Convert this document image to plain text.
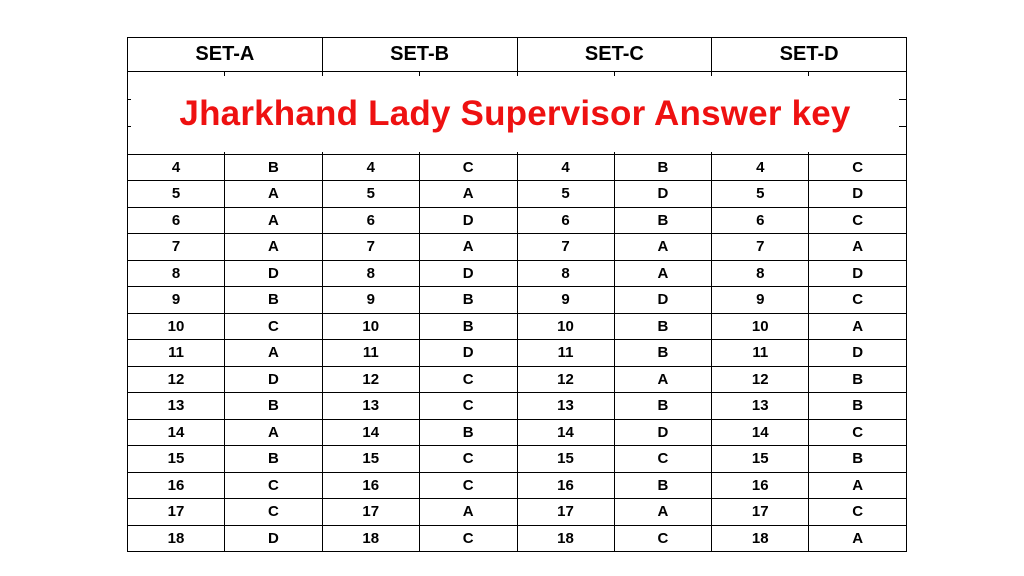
SET-A		SET-B		SET-C		SET-D	

4	B	4	C	4	B	4	C
5	A	5	A	5	D	5	D
6	A	6	D	6	B	6	C
7	A	7	A	7	A	7	A
8	D	8	D	8	A	8	D
9	B	9	B	9	D	9	C
10	C	10	B	10	B	10	A
11	A	11	D	11	B	11	D
12	D	12	C	12	A	12	B
13	B	13	C	13	B	13	B
14	A	14	B	14	D	14	C
15	B	15	C	15	C	15	B
16	C	16	C	16	B	16	A
17	C	17	A	17	A	17	C
18	D	18	C	18	C	18	A
Jharkhand Lady Supervisor Answer key
